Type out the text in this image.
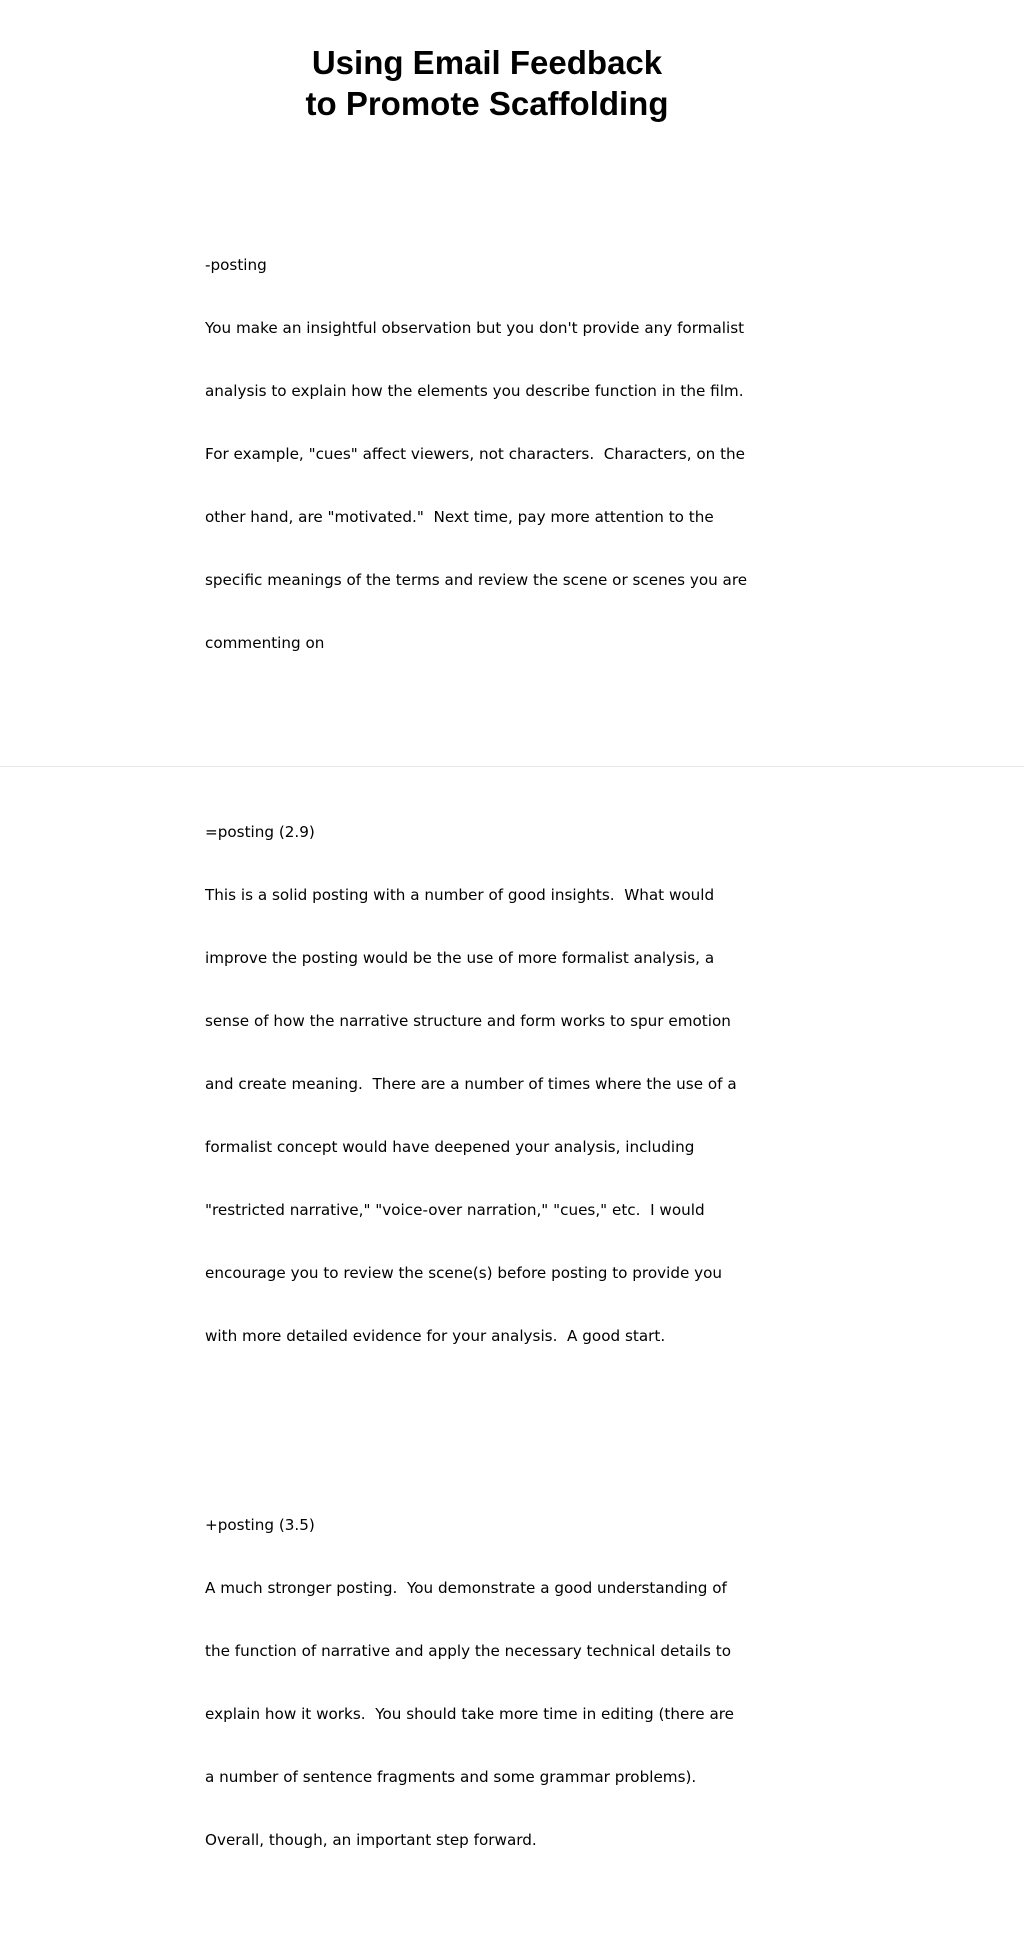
Using Email Feedback
to Promote Scaffolding

-posting

You make an insightful observation but you don't provide any formalist

analysis to explain how the elements you describe function in the film.

For example, "cues" affect viewers, not characters.  Characters, on the

other hand, are "motivated."  Next time, pay more attention to the

specific meanings of the terms and review the scene or scenes you are

commenting on

=posting (2.9)

This is a solid posting with a number of good insights.  What would

improve the posting would be the use of more formalist analysis, a

sense of how the narrative structure and form works to spur emotion

and create meaning.  There are a number of times where the use of a

formalist concept would have deepened your analysis, including

"restricted narrative," "voice-over narration," "cues," etc.  I would

encourage you to review the scene(s) before posting to provide you

with more detailed evidence for your analysis.  A good start.

+posting (3.5)

A much stronger posting.  You demonstrate a good understanding of

the function of narrative and apply the necessary technical details to

explain how it works.  You should take more time in editing (there are

a number of sentence fragments and some grammar problems).

Overall, though, an important step forward.
